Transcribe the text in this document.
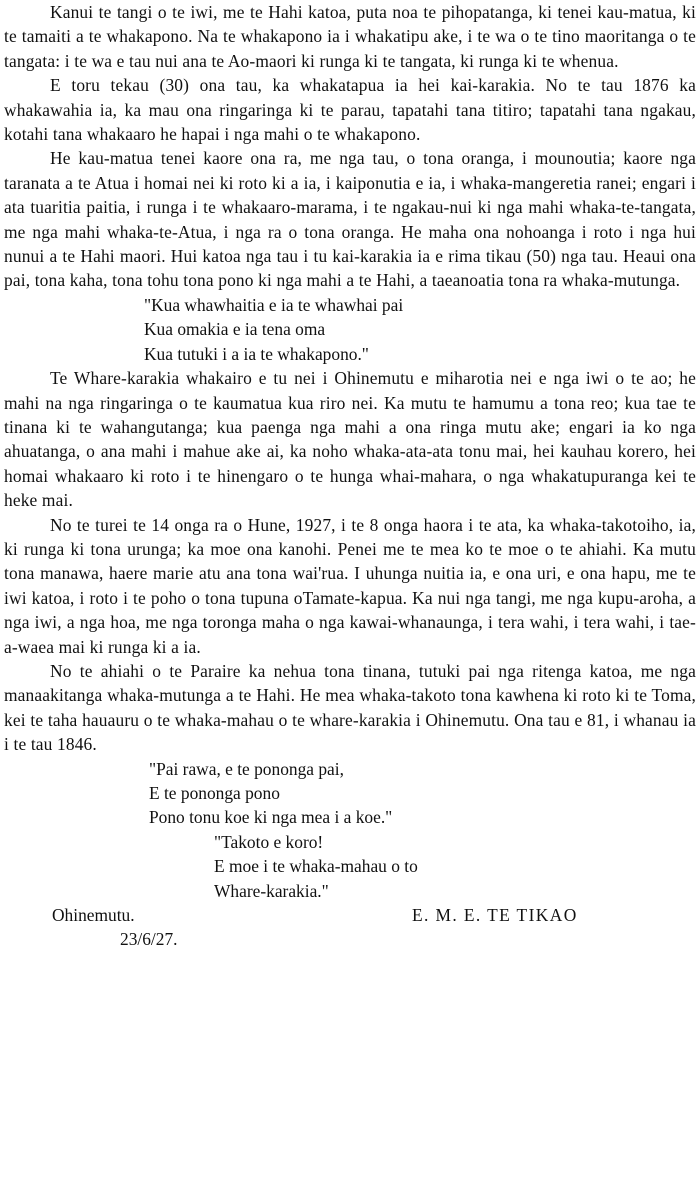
Kanui te tangi o te iwi, me te Hahi katoa, puta noa te pihopatanga, ki tenei kau-matua, ki te tamaiti a te whakapono. Na te whakapono ia i whakatipu ake, i te wa o te tino maoritanga o te tangata: i te wa e tau nui ana te Ao-maori ki runga ki te tangata, ki runga ki te whenua.

E toru tekau (30) ona tau, ka whakatapua ia hei kai-karakia. No te tau 1876 ka whakawahia ia, ka mau ona ringaringa ki te parau, tapatahi tana titiro; tapatahi tana ngakau, kotahi tana whakaaro he hapai i nga mahi o te whakapono.

He kau-matua tenei kaore ona ra, me nga tau, o tona oranga, i mounoutia; kaore nga taranata a te Atua i homai nei ki roto ki a ia, i kaiponutia e ia, i whaka-mangeretia ranei; engari i ata tuaritia paitia, i runga i te whakaaro-marama, i te ngakau-nui ki nga mahi whaka-te-tangata, me nga mahi whaka-te-Atua, i nga ra o tona oranga. He maha ona nohoanga i roto i nga hui nunui a te Hahi maori. Hui katoa nga tau i tu kai-karakia ia e rima tikau (50) nga tau. Heaui ona pai, tona kaha, tona tohu tona pono ki nga mahi a te Hahi, a taeanoatia tona ra whaka-mutunga.

"Kua whawhaitia e ia te whawhai pai
Kua omakia e ia tena oma
Kua tutuki i a ia te whakapono."

Te Whare-karakia whakairo e tu nei i Ohinemutu e miharotia nei e nga iwi o te ao; he mahi na nga ringaringa o te kaumatua kua riro nei. Ka mutu te hamumu a tona reo; kua tae te tinana ki te wahangutanga; kua paenga nga mahi a ona ringa mutu ake; engari ia ko nga ahuatanga, o ana mahi i mahue ake ai, ka noho whaka-ata-ata tonu mai, hei kauhau korero, hei homai whakaaro ki roto i te hinengaro o te hunga whai-mahara, o nga whakatupuranga kei te heke mai.

No te turei te 14 onga ra o Hune, 1927, i te 8 onga haora i te ata, ka whaka-takotoiho, ia, ki runga ki tona urunga; ka moe ona kanohi. Penei me te mea ko te moe o te ahiahi. Ka mutu tona manawa, haere marie atu ana tona wai'rua. I uhunga nuitia ia, e ona uri, e ona hapu, me te iwi katoa, i roto i te poho o tona tupuna oTamate-kapua. Ka nui nga tangi, me nga kupu-aroha, a nga iwi, a nga hoa, me nga toronga maha o nga kawai-whanaunga, i tera wahi, i tera wahi, i tae-a-waea mai ki runga ki a ia.

No te ahiahi o te Paraire ka nehua tona tinana, tutuki pai nga ritenga katoa, me nga manaakitanga whaka-mutunga a te Hahi. He mea whaka-takoto tona kawhena ki roto ki te Toma, kei te taha hauauru o te whaka-mahau o te whare-karakia i Ohinemutu. Ona tau e 81, i whanau ia i te tau 1846.

"Pai rawa, e te pononga pai,
E te pononga pono
Pono tonu koe ki nga mea i a koe."
"Takoto e koro!
E moe i te whaka-mahau o to
Whare-karakia."
Ohinemutu.
23/6/27.
E. M. E. TE TIKAO
